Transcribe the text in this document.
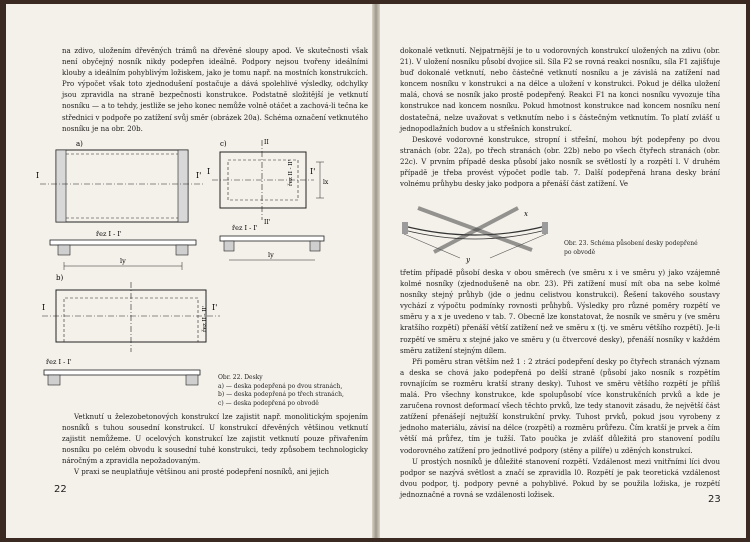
na zdivo, uložením dřevěných trámů na dřevěné sloupy apod. Ve skutečnosti však není obyčejný nosník nikdy podepřen ideálně. Podpory nejsou tvořeny ideálními klouby a ideálním pohyblivým ložiskem, jako je tomu např. na mostních konstrukcích. Pro výpočet však toto zjednodušení postačuje a dává spolehlivé výsledky, odchylky jsou zpravidla na straně bezpečnosti konstrukce. Podstatně složitější je vetknutí nosníku — a to tehdy, jestliže se jeho konec nemůže volně otáčet a zachová-li tečna ke střednici v podpoře po zatížení svůj směr (obrázek 20a). Schéma označení vetknutého nosníku je na obr. 20b.

a)
I	I'
řez I - I'
ly
c)
I	I'
II
II'
lx
řez II - II'
řez I - I'
ly
b)
I	I'
řez II - II'
řez I - I'
Obr. 22. Desky
a) — deska podepřená po dvou stranách,
b) — deska podepřená po třech stranách,
c) — deska podepřená po obvodě

Vetknutí u železobetonových konstrukcí lze zajistit např. monolitickým spojením nosníků s tuhou sousední konstrukcí. U konstrukcí dřevěných většinou vetknutí zajistit nemůžeme. U ocelových konstrukcí lze zajistit vetknutí pouze přivařením nosníku po celém obvodu k sousední tuhé konstrukci, tedy způsobem technologicky náročným a zpravidla nepožadovaným.

V praxi se neuplatňuje většinou ani prosté podepření nosníků, ani jejich

22

dokonalé vetknutí. Nejpatrnější je to u vodorovných konstrukcí uložených na zdivu (obr. 21). V uložení nosníku působí dvojice sil. Síla F2 se rovná reakci nosníku, síla F1 zajišťuje buď dokonalé vetknutí, nebo částečné vetknutí nosníku a je závislá na zatížení nad koncem nosníku v konstrukci a na délce a uložení v konstrukci. Pokud je délka uložení malá, chová se nosník jako prostě podepřený. Reakci F1 na konci nosníku vyvozuje tíha konstrukce nad koncem nosníku. Pokud hmotnost konstrukce nad koncem nosníku není dostatečná, nelze uvažovat s vetknutím nebo i s částečným vetknutím. To platí zvlášť u jednopodlažních budov a u střešních konstrukcí.

Deskové vodorovné konstrukce, stropní i střešní, mohou být podepřeny po dvou stranách (obr. 22a), po třech stranách (obr. 22b) nebo po všech čtyřech stranách (obr. 22c). V prvním případě deska působí jako nosník se světlostí ly a rozpětí l. V druhém případě je třeba provést výpočet podle tab. 7. Další podepřená hrana desky brání volnému průhybu desky jako podpora a přenáší část zatížení. Ve

x
y
Obr. 23. Schéma působení desky podepřené
po obvodě

třetím případě působí deska v obou směrech (ve směru x i ve směru y) jako vzájemně kolmé nosníky (zjednodušeně na obr. 23). Při zatížení musí mít oba na sebe kolmé nosníky stejný průhyb (jde o jednu celistvou konstrukci). Řešení takového soustavy vychází z výpočtu podmínky rovnosti průhybů. Výsledky pro různé poměry rozpětí ve směru y a x je uvedeno v tab. 7. Obecně lze konstatovat, že nosník ve směru y (ve směru kratšího rozpětí) přenáší větší zatížení než ve směru x (tj. ve směru většího rozpětí). Je-li rozpětí ve směru x stejné jako ve směru y (u čtvercové desky), přenáší nosníky v každém směru zatížení stejným dílem.

Při poměru stran větším než 1 : 2 ztrácí podepření desky po čtyřech stranách význam a deska se chová jako podepřená po delší straně (působí jako nosník s rozpětím rovnajícím se rozměru kratší strany desky). Tuhost ve směru většího rozpětí je příliš malá. Pro všechny konstrukce, kde spolupůsobí více konstrukčních prvků a kde je zaručena rovnost deformací všech těchto prvků, lze tedy stanovit zásadu, že největší část zatížení přenášejí nejtužší konstrukční prvky. Tuhost prvků, pokud jsou vyrobeny z jednoho materiálu, závisí na délce (rozpětí) a rozměru průřezu. Čím kratší je prvek a čím větší má průřez, tím je tužší. Tato poučka je zvlášť důležitá pro stanovení podílu vodorovného zatížení pro jednotlivé podpory (stěny a pilíře) u zděných konstrukcí.

U prostých nosníků je důležité stanovení rozpětí. Vzdálenost mezi vnitřními líci dvou podpor se nazývá světlost a značí se zpravidla l0. Rozpětí je pak teoretická vzdálenost dvou podpor, tj. podpory pevné a pohyblivé. Pokud by se použila ložiska, je rozpětí jednoznačné a rovná se vzdálenosti ložisek.	23
